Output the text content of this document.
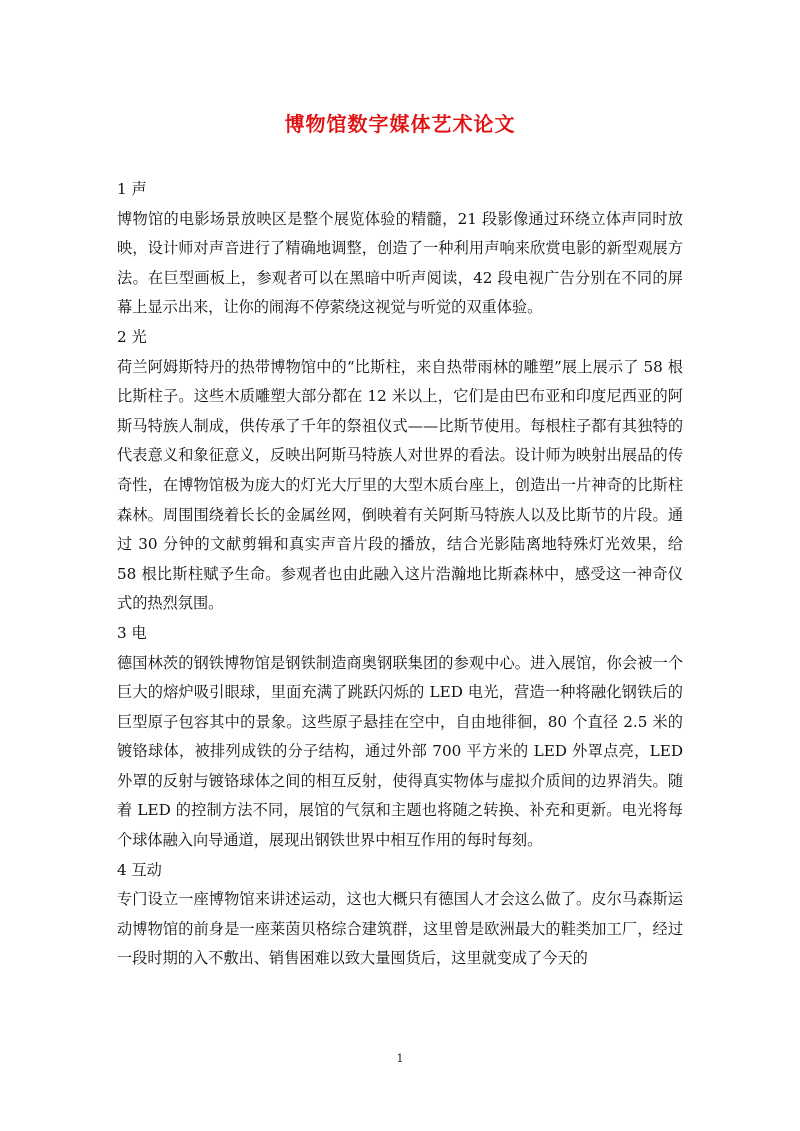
博物馆数字媒体艺术论文

1 声

博物馆的电影场景放映区是整个展览体验的精髓，21 段影像通过环绕立体声同时放映，设计师对声音进行了精确地调整，创造了一种利用声响来欣赏电影的新型观展方法。在巨型画板上，参观者可以在黑暗中听声阅读，42 段电视广告分别在不同的屏幕上显示出来，让你的闹海不停萦绕这视觉与听觉的双重体验。

2 光

荷兰阿姆斯特丹的热带博物馆中的“比斯柱，来自热带雨林的雕塑”展上展示了 58 根比斯柱子。这些木质雕塑大部分都在 12 米以上，它们是由巴布亚和印度尼西亚的阿斯马特族人制成，供传承了千年的祭祖仪式——比斯节使用。每根柱子都有其独特的代表意义和象征意义，反映出阿斯马特族人对世界的看法。设计师为映射出展品的传奇性，在博物馆极为庞大的灯光大厅里的大型木质台座上，创造出一片神奇的比斯柱森林。周围围绕着长长的金属丝网，倒映着有关阿斯马特族人以及比斯节的片段。通过 30 分钟的文献剪辑和真实声音片段的播放，结合光影陆离地特殊灯光效果，给 58 根比斯柱赋予生命。参观者也由此融入这片浩瀚地比斯森林中，感受这一神奇仪式的热烈氛围。

3 电

德国林茨的钢铁博物馆是钢铁制造商奥钢联集团的参观中心。进入展馆，你会被一个巨大的熔炉吸引眼球，里面充满了跳跃闪烁的 LED 电光，营造一种将融化钢铁后的巨型原子包容其中的景象。这些原子悬挂在空中，自由地徘徊，80 个直径 2.5 米的镀铬球体，被排列成铁的分子结构，通过外部 700 平方米的 LED 外罩点亮，LED 外罩的反射与镀铬球体之间的相互反射，使得真实物体与虚拟介质间的边界消失。随着 LED 的控制方法不同，展馆的气氛和主题也将随之转换、补充和更新。电光将每个球体融入向导通道，展现出钢铁世界中相互作用的每时每刻。

4 互动

专门设立一座博物馆来讲述运动，这也大概只有德国人才会这么做了。皮尔马森斯运动博物馆的前身是一座莱茵贝格综合建筑群，这里曾是欧洲最大的鞋类加工厂，经过一段时期的入不敷出、销售困难以致大量囤货后，这里就变成了今天的

1
